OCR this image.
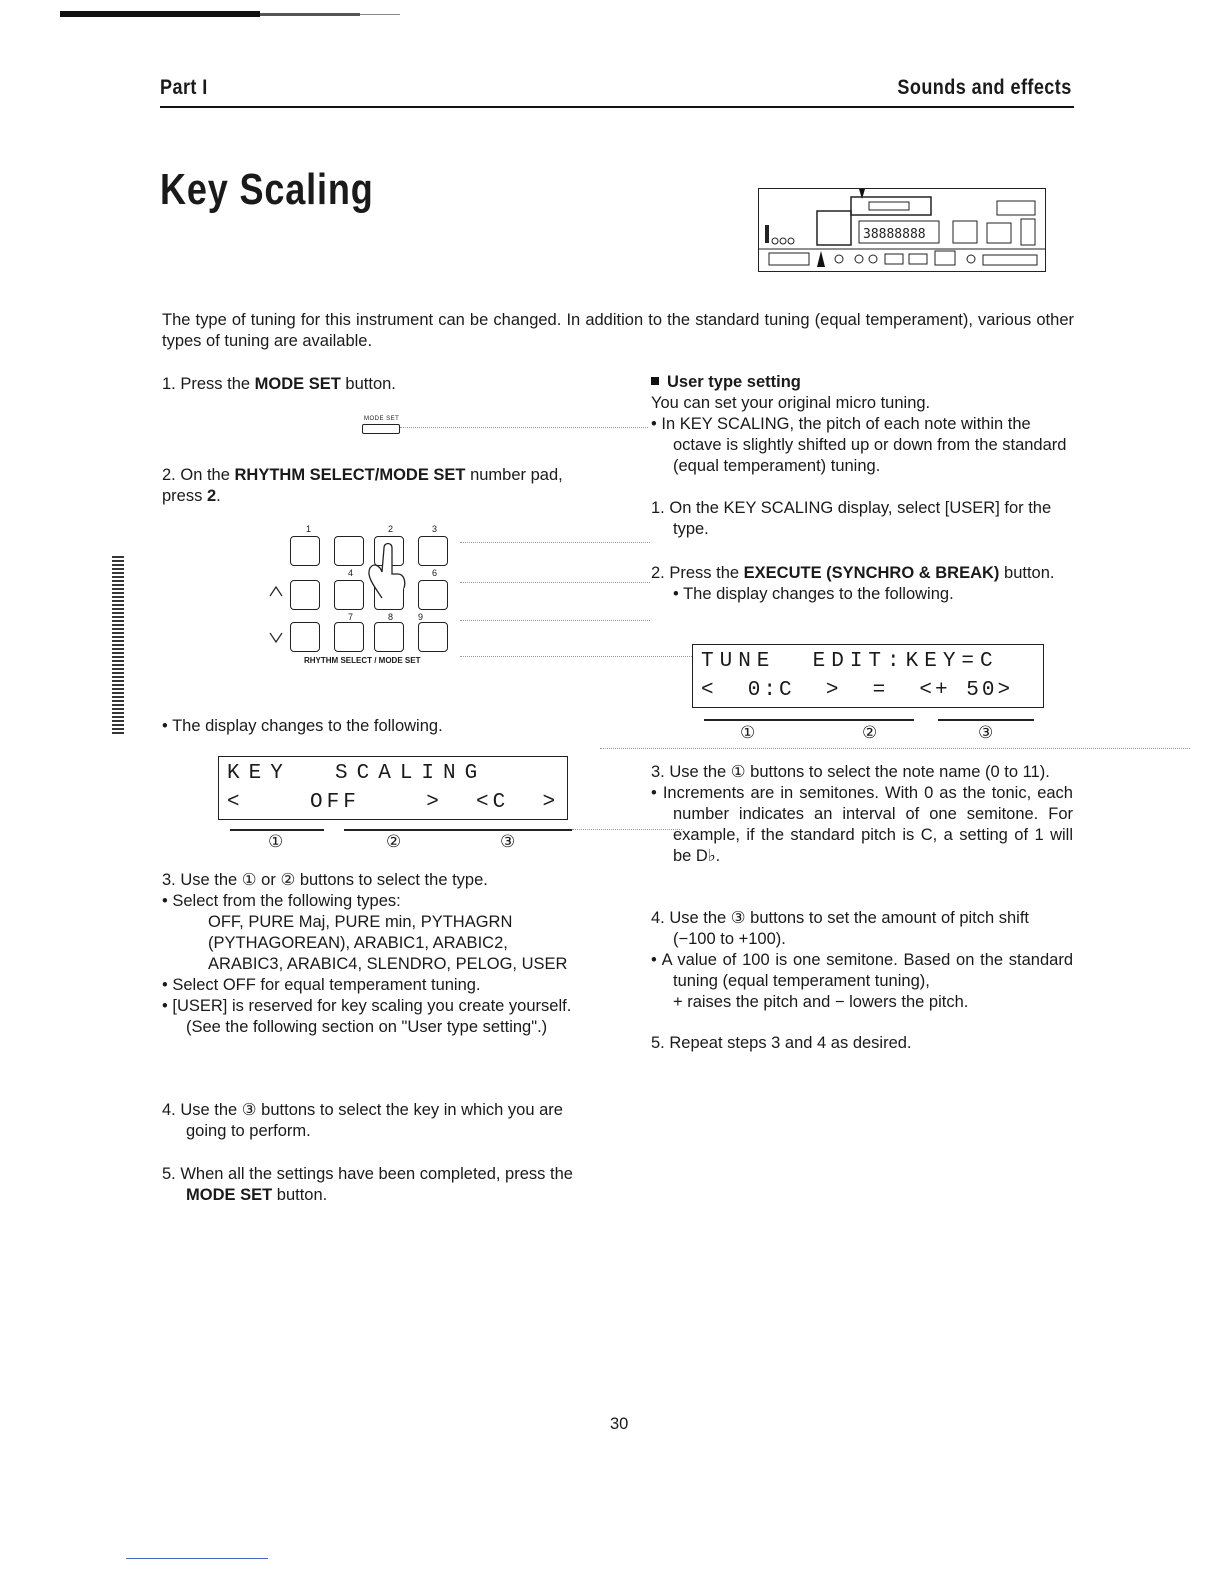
Part I	Sounds and effects
Key Scaling
38888888
The type of tuning for this instrument can be changed. In addition to the standard tuning (equal temperament), various other types of tuning are available.
1. Press the MODE SET button.
MODE SET
2. On the RHYTHM SELECT/MODE SET number pad, press 2.
1	2	3
4	6
7	8	9
RHYTHM SELECT / MODE SET
• The display changes to the following.
KEY  SCALING
<    OFF    >  <C  >
①	②	③
3. Use the ① or ② buttons to select the type.
• Select from the following types:
OFF, PURE Maj, PURE min, PYTHAGRN (PYTHAGOREAN), ARABIC1, ARABIC2, ARABIC3, ARABIC4, SLENDRO, PELOG, USER
• Select OFF for equal temperament tuning.
• [USER] is reserved for key scaling you create yourself. (See the following section on "User type setting".)
4. Use the ③ buttons to select the key in which you are going to perform.
5. When all the settings have been completed, press the MODE SET button.
User type setting
You can set your original micro tuning.
• In KEY SCALING, the pitch of each note within the octave is slightly shifted up or down from the standard (equal temperament) tuning.
1. On the KEY SCALING display, select [USER] for the type.
2. Press the EXECUTE (SYNCHRO & BREAK) button.
• The display changes to the following.
TUNE  EDIT:KEY=C
<  0:C  >  =  <+ 50>
①	②	③
3. Use the ① buttons to select the note name (0 to 11).
• Increments are in semitones. With 0 as the tonic, each number indicates an interval of one semitone. For example, if the standard pitch is C, a setting of 1 will be D♭.
4. Use the ③ buttons to set the amount of pitch shift (−100 to +100).
• A value of 100 is one semitone. Based on the standard tuning (equal temperament tuning),
+ raises the pitch and − lowers the pitch.
5. Repeat steps 3 and 4 as desired.
30
